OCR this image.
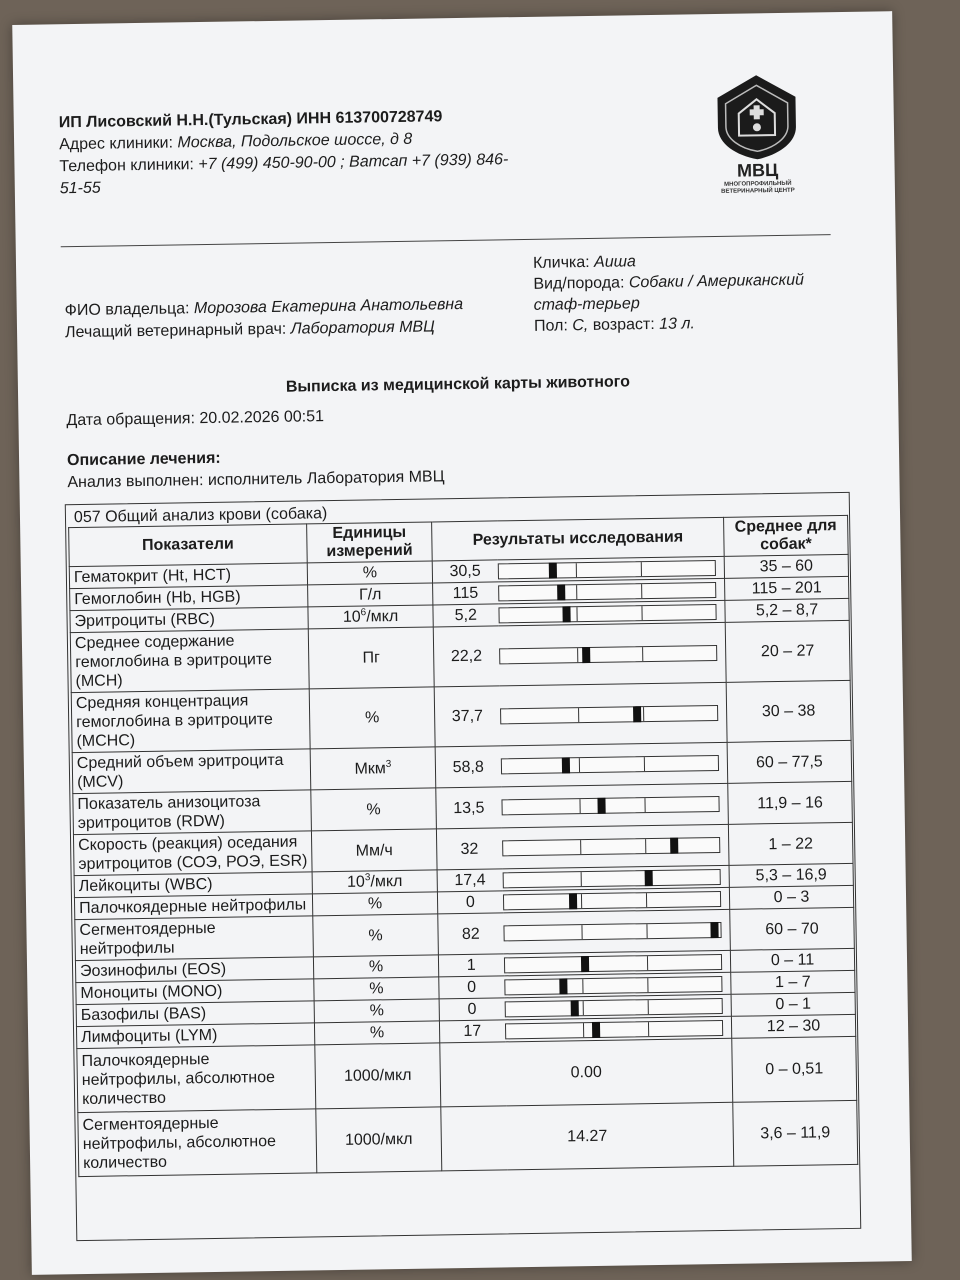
ИП Лисовский Н.Н.(Тульская) ИНН 613700728749
Адрес клиники: Москва, Подольское шоссе, д 8
Телефон клиники: +7 (499) 450-90-00 ; Ватсап +7 (939) 846-51-55
МВЦ
МНОГОПРОФИЛЬНЫЙ ВЕТЕРИНАРНЫЙ ЦЕНТР
Кличка: Аиша
Вид/порода: Собаки / Американский стаф-терьер
Пол: С, возраст: 13 л.
ФИО владельца: Морозова Екатерина Анатольевна
Лечащий ветеринарный врач: Лаборатория МВЦ
Выписка из медицинской карты животного
Дата обращения: 20.02.2026 00:51
Описание лечения:
Анализ выполнен: исполнитель Лаборатория МВЦ
057 Общий анализ крови (собака)
Показатели	Единицы измерений	Результаты исследования		Среднее для собак*
Гематокрит (Ht, HCT)	%	30,5		35 – 60
Гемоглобин (Hb, HGB)	Г/л	115		115 – 201
Эритроциты (RBC)	$10^6$/мкл	5,2		5,2 – 8,7
Среднее содержание гемоглобина в эритроците (MCH)	Пг	22,2		20 – 27
Средняя концентрация гемоглобина в эритроците (MCHC)	%	37,7		30 – 38
Средний объем эритроцита (MCV)	Мкм$^3$	58,8		60 – 77,5
Показатель анизоцитоза эритроцитов (RDW)	%	13,5		11,9 – 16
Скорость (реакция) оседания эритроцитов (СОЭ, РОЭ, ESR)	Мм/ч	32		1 – 22
Лейкоциты (WBC)	$10^3$/мкл	17,4		5,3 – 16,9
Палочкоядерные нейтрофилы	%	0		0 – 3
Сегментоядерные нейтрофилы	%	82		60 – 70
Эозинофилы (EOS)	%	1		0 – 11
Моноциты (MONO)	%	0		1 – 7
Базофилы (BAS)	%	0		0 – 1
Лимфоциты (LYM)	%	17		12 – 30
Палочкоядерные нейтрофилы, абсолютное количество	1000/мкл	0.00		0 – 0,51
Сегментоядерные нейтрофилы, абсолютное количество	1000/мкл	14.27		3,6 – 11,9
